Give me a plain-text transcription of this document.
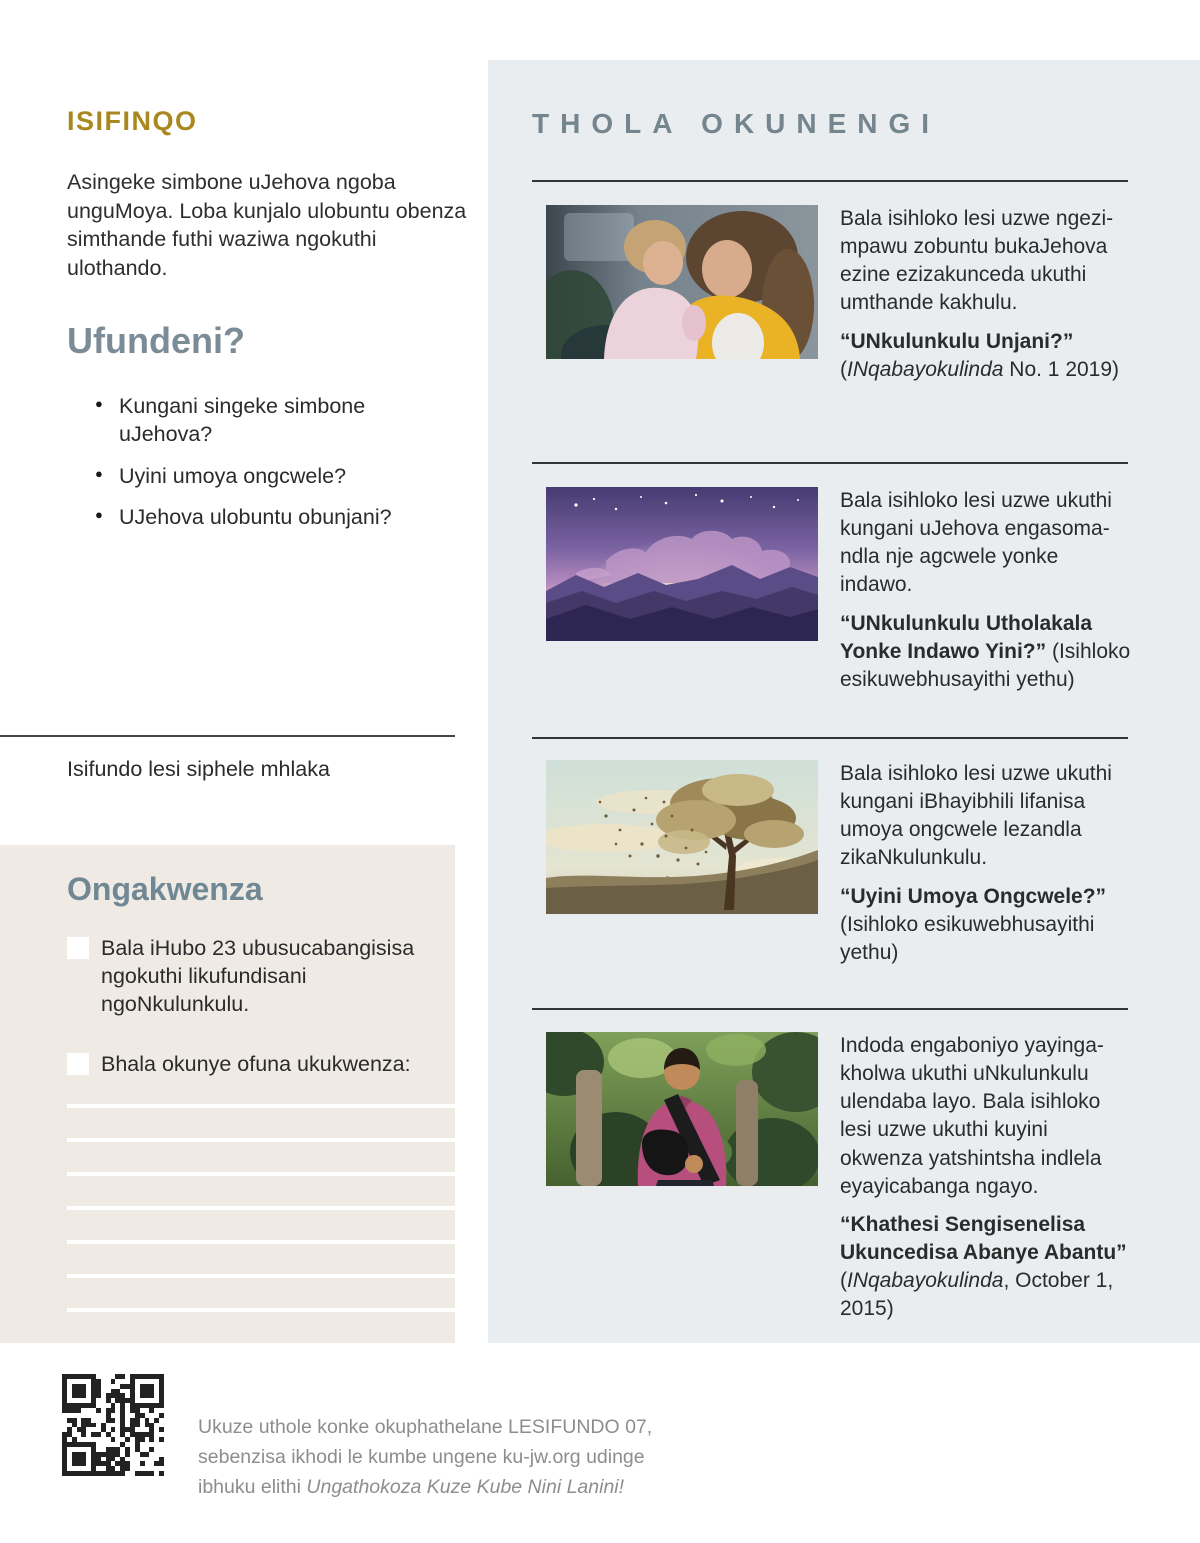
ISIFINQO
Asingeke simbone uJehova ngoba unguMoya. Loba kunjalo ulobuntu obenza simthande futhi waziwa ngokuthi ulothando.
Ufundeni?
● Kungani singeke simbone uJehova?
● Uyini umoya ongcwele?
● UJehova ulobuntu obunjani?
Isifundo lesi siphele mhlaka
Ongakwenza
Bala iHubo 23 ubusucabangisisa ngokuthi likufundisani ngoNkulunkulu.
Bhala okunye ofuna ukukwenza:
THOLA OKUNENGI

Bala isihloko lesi uzwe ngezi-mpawu zobuntu bukaJehova ezine ezizakunceda ukuthi umthande kakhulu.

“UNkulunkulu Unjani?” (INqabayokulinda No. 1 2019)

Bala isihloko lesi uzwe ukuthi kungani uJehova engasoma-ndla nje agcwele yonke indawo.

“UNkulunkulu Utholakala Yonke Indawo Yini?” (Isihloko esikuwebhusayithi yethu)

Bala isihloko lesi uzwe ukuthi kungani iBhayibhili lifanisa umoya ongcwele lezandla zikaNkulunkulu.

“Uyini Umoya Ongcwele?” (Isihloko esikuwebhusayithi yethu)

Indoda engaboniyo yayinga-kholwa ukuthi uNkulunkulu ulendaba layo. Bala isihloko lesi uzwe ukuthi kuyini okwenza yatshintsha indlela eyayicabanga ngayo.

“Khathesi Sengisenelisa Ukuncedisa Abanye Abantu” (INqabayokulinda, October 1, 2015)

Ukuze uthole konke okuphathelane LESIFUNDO 07, sebenzisa ikhodi le kumbe ungene ku-jw.org udinge ibhuku elithi Ungathokoza Kuze Kube Nini Lanini!
